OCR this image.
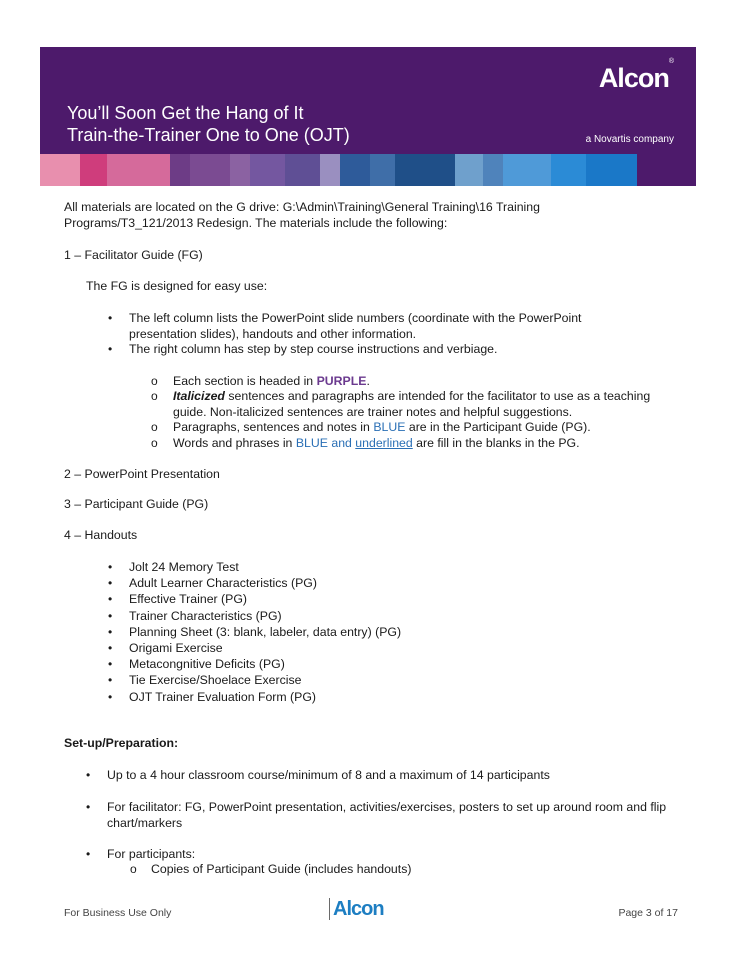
Alcon®
You’ll Soon Get the Hang of It
Train-the-Trainer One to One (OJT)	a Novartis company

All materials are located on the G drive: G:\Admin\Training\General Training\16 Training Programs/T3_121/2013 Redesign. The materials include the following:

1 – Facilitator Guide (FG)
The FG is designed for easy use:
• The left column lists the PowerPoint slide numbers (coordinate with the PowerPoint presentation slides), handouts and other information.
• The right column has step by step course instructions and verbiage.
o Each section is headed in PURPLE.
o Italicized sentences and paragraphs are intended for the facilitator to use as a teaching guide. Non-italicized sentences are trainer notes and helpful suggestions.
o Paragraphs, sentences and notes in BLUE are in the Participant Guide (PG).
o Words and phrases in BLUE and underlined are fill in the blanks in the PG.
2 – PowerPoint Presentation
3 – Participant Guide (PG)
4 – Handouts
• Jolt 24 Memory Test
• Adult Learner Characteristics (PG)
• Effective Trainer (PG)
• Trainer Characteristics (PG)
• Planning Sheet (3: blank, labeler, data entry) (PG)
• Origami Exercise
• Metacongnitive Deficits (PG)
• Tie Exercise/Shoelace Exercise
• OJT Trainer Evaluation Form (PG)
Set-up/Preparation:
• Up to a 4 hour classroom course/minimum of 8 and a maximum of 14 participants
• For facilitator: FG, PowerPoint presentation, activities/exercises, posters to set up around room and flip chart/markers
• For participants:
o Copies of Participant Guide (includes handouts)
For Business Use Only	Alcon	Page 3 of 17
